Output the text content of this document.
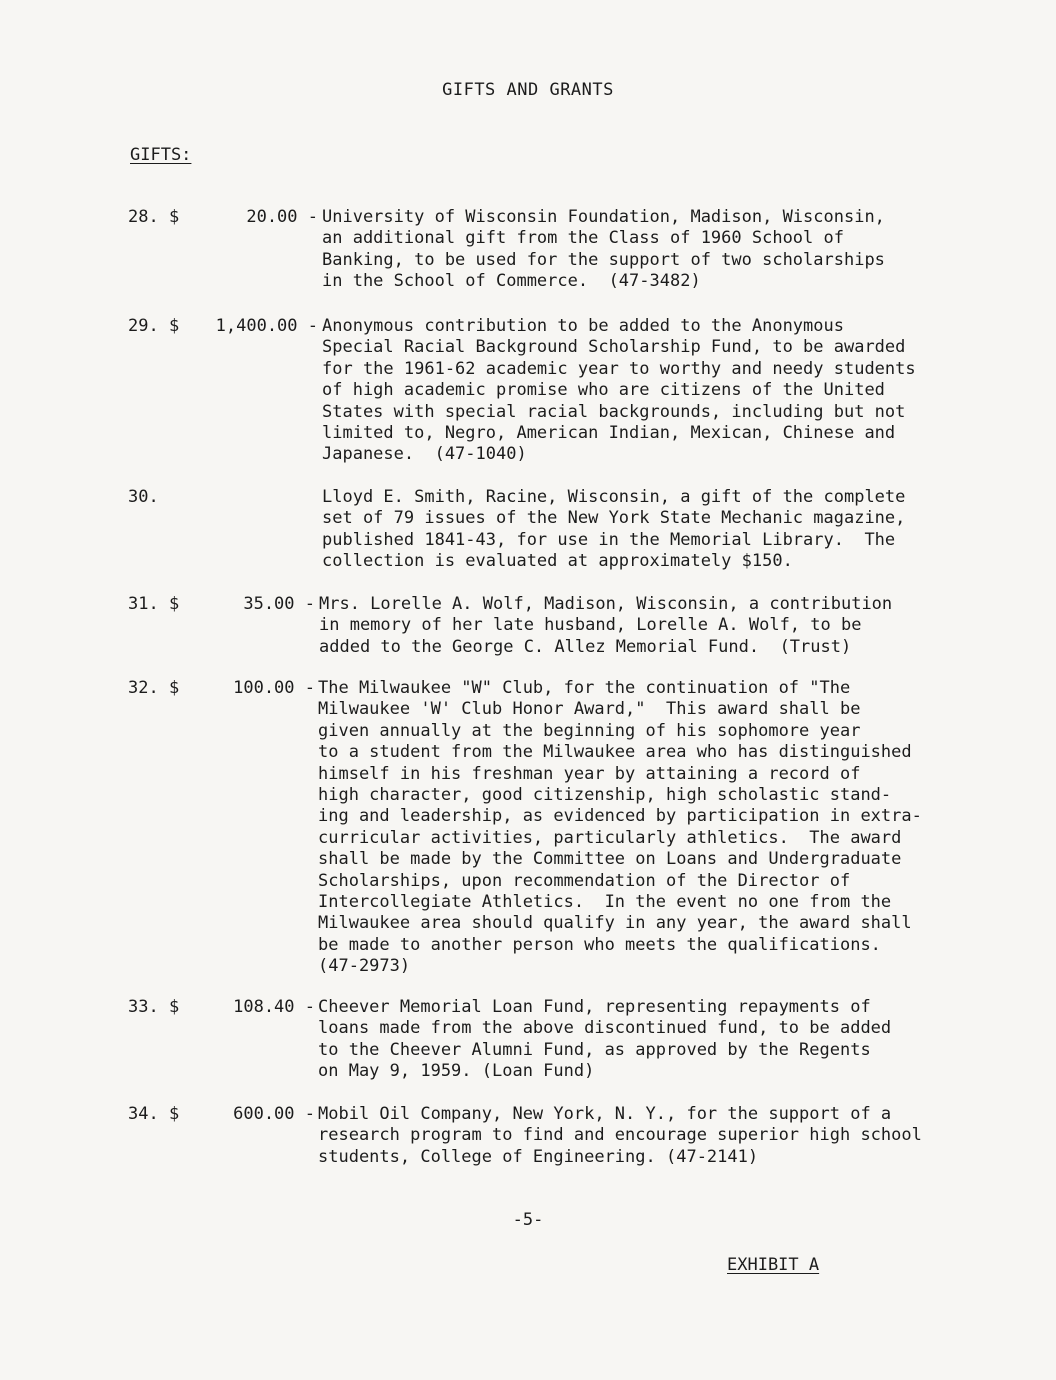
GIFTS AND GRANTS
GIFTS:
28. $	20.00 - University of Wisconsin Foundation, Madison, Wisconsin,
an additional gift from the Class of 1960 School of
Banking, to be used for the support of two scholarships
in the School of Commerce.  (47-3482)
29. $	1,400.00 - Anonymous contribution to be added to the Anonymous
Special Racial Background Scholarship Fund, to be awarded
for the 1961-62 academic year to worthy and needy students
of high academic promise who are citizens of the United
States with special racial backgrounds, including but not
limited to, Negro, American Indian, Mexican, Chinese and
Japanese.  (47-1040)
30.	Lloyd E. Smith, Racine, Wisconsin, a gift of the complete
set of 79 issues of the New York State Mechanic magazine,
published 1841-43, for use in the Memorial Library.  The
collection is evaluated at approximately $150.
31. $	35.00 - Mrs. Lorelle A. Wolf, Madison, Wisconsin, a contribution
in memory of her late husband, Lorelle A. Wolf, to be
added to the George C. Allez Memorial Fund.  (Trust)
32. $	100.00 - The Milwaukee "W" Club, for the continuation of "The
Milwaukee 'W' Club Honor Award,"  This award shall be
given annually at the beginning of his sophomore year
to a student from the Milwaukee area who has distinguished
himself in his freshman year by attaining a record of
high character, good citizenship, high scholastic stand-
ing and leadership, as evidenced by participation in extra-
curricular activities, particularly athletics.  The award
shall be made by the Committee on Loans and Undergraduate
Scholarships, upon recommendation of the Director of
Intercollegiate Athletics.  In the event no one from the
Milwaukee area should qualify in any year, the award shall
be made to another person who meets the qualifications.
(47-2973)
33. $	108.40 - Cheever Memorial Loan Fund, representing repayments of
loans made from the above discontinued fund, to be added
to the Cheever Alumni Fund, as approved by the Regents
on May 9, 1959. (Loan Fund)
34. $	600.00 - Mobil Oil Company, New York, N. Y., for the support of a
research program to find and encourage superior high school
students, College of Engineering. (47-2141)
-5-
EXHIBIT A
